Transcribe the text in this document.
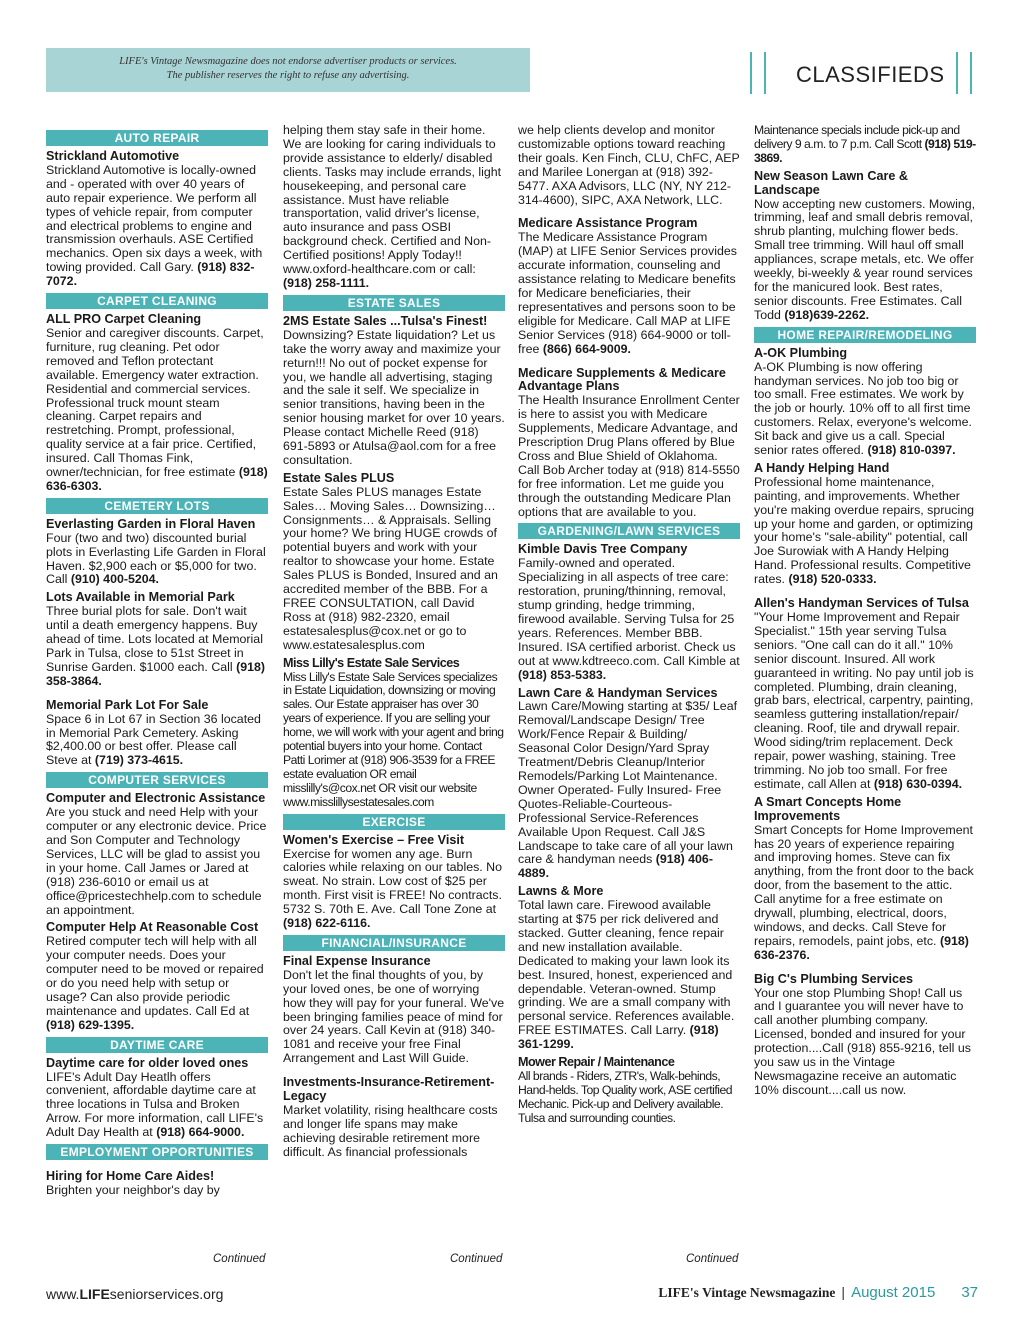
LIFE's Vintage Newsmagazine does not endorse advertiser products or services.
The publisher reserves the right to refuse any advertising.	CLASSIFIEDS
AUTO REPAIR
Strickland Automotive
Strickland Automotive is locally-owned and - operated with over 40 years of auto repair experience. We perform all types of vehicle repair, from computer and electrical problems to engine and transmission overhauls. ASE Certified mechanics. Open six days a week, with towing provided. Call Gary. (918) 832-7072.
CARPET CLEANING
ALL PRO Carpet Cleaning
Senior and caregiver discounts. Carpet, furniture, rug cleaning. Pet odor removed and Teflon protectant available. Emergency water extraction. Residential and commercial services. Professional truck mount steam cleaning. Carpet repairs and restretching. Prompt, professional, quality service at a fair price. Certified, insured. Call Thomas Fink, owner/technician, for free estimate (918) 636-6303.
CEMETERY LOTS
Everlasting Garden in Floral Haven
Four (two and two) discounted burial plots in Everlasting Life Garden in Floral Haven. $2,900 each or $5,000 for two. Call (910) 400-5204.
Lots Available in Memorial Park
Three burial plots for sale. Don't wait until a death emergency happens. Buy ahead of time. Lots located at Memorial Park in Tulsa, close to 51st Street in Sunrise Garden. $1000 each. Call (918) 358-3864.
Memorial Park Lot For Sale
Space 6 in Lot 67 in Section 36 located in Memorial Park Cemetery. Asking $2,400.00 or best offer. Please call Steve at (719) 373-4615.
COMPUTER SERVICES
Computer and Electronic Assistance
Are you stuck and need Help with your computer or any electronic device. Price and Son Computer and Technology Services, LLC will be glad to assist you in your home. Call James or Jared at (918) 236-6010 or email us at office@pricestechhelp.com to schedule an appointment.
Computer Help At Reasonable Cost
Retired computer tech will help with all your computer needs. Does your computer need to be moved or repaired or do you need help with setup or usage? Can also provide periodic maintenance and updates. Call Ed at (918) 629-1395.
DAYTIME CARE
Daytime care for older loved ones
LIFE's Adult Day Heatlh offers convenient, affordable daytime care at three locations in Tulsa and Broken Arrow. For more information, call LIFE's Adult Day Health at (918) 664-9000.
EMPLOYMENT OPPORTUNITIES
Hiring for Home Care Aides!
Brighten your neighbor's day by
helping them stay safe in their home. We are looking for caring individuals to provide assistance to elderly/ disabled clients. Tasks may include errands, light housekeeping, and personal care assistance. Must have reliable transportation, valid driver's license, auto insurance and pass OSBI background check. Certified and Non-Certified positions! Apply Today!! www.oxford-healthcare.com or call: (918) 258-1111.
ESTATE SALES
2MS Estate Sales ...Tulsa's Finest!
Downsizing? Estate liquidation? Let us take the worry away and maximize your return!!! No out of pocket expense for you, we handle all advertising, staging and the sale it self. We specialize in senior transitions, having been in the senior housing market for over 10 years. Please contact Michelle Reed (918) 691-5893 or Atulsa@aol.com for a free consultation.
Estate Sales PLUS
Estate Sales PLUS manages Estate Sales… Moving Sales… Downsizing… Consignments… & Appraisals. Selling your home? We bring HUGE crowds of potential buyers and work with your realtor to showcase your home. Estate Sales PLUS is Bonded, Insured and an accredited member of the BBB. For a FREE CONSULTATION, call David Ross at (918) 982-2320, email estatesalesplus@cox.net or go to www.estatesalesplus.com
Miss Lilly's Estate Sale Services
Miss Lilly's Estate Sale Services specializes in Estate Liquidation, downsizing or moving sales. Our Estate appraiser has over 30 years of experience. If you are selling your home, we will work with your agent and bring potential buyers into your home. Contact Patti Lorimer at (918) 906-3539 for a FREE estate evaluation OR email misslilly's@cox.net OR visit our website www.misslillysestatesales.com
EXERCISE
Women's Exercise – Free Visit
Exercise for women any age. Burn calories while relaxing on our tables. No sweat. No strain. Low cost of $25 per month. First visit is FREE! No contracts. 5732 S. 70th E. Ave. Call Tone Zone at (918) 622-6116.
FINANCIAL/INSURANCE
Final Expense Insurance
Don't let the final thoughts of you, by your loved ones, be one of worrying how they will pay for your funeral. We've been bringing families peace of mind for over 24 years. Call Kevin at (918) 340-1081 and receive your free Final Arrangement and Last Will Guide.
Investments-Insurance-Retirement-Legacy
Market volatility, rising healthcare costs and longer life spans may make achieving desirable retirement more difficult. As financial professionals
we help clients develop and monitor customizable options toward reaching their goals. Ken Finch, CLU, ChFC, AEP and Marilee Lonergan at (918) 392-5477. AXA Advisors, LLC (NY, NY 212-314-4600), SIPC, AXA Network, LLC.
Medicare Assistance Program
The Medicare Assistance Program (MAP) at LIFE Senior Services provides accurate information, counseling and assistance relating to Medicare benefits for Medicare beneficiaries, their representatives and persons soon to be eligible for Medicare. Call MAP at LIFE Senior Services (918) 664-9000 or toll-free (866) 664-9009.
Medicare Supplements & Medicare Advantage Plans
The Health Insurance Enrollment Center is here to assist you with Medicare Supplements, Medicare Advantage, and Prescription Drug Plans offered by Blue Cross and Blue Shield of Oklahoma. Call Bob Archer today at (918) 814-5550 for free information. Let me guide you through the outstanding Medicare Plan options that are available to you.
GARDENING/LAWN SERVICES
Kimble Davis Tree Company
Family-owned and operated. Specializing in all aspects of tree care: restoration, pruning/thinning, removal, stump grinding, hedge trimming, firewood available. Serving Tulsa for 25 years. References. Member BBB. Insured. ISA certified arborist. Check us out at www.kdtreeco.com. Call Kimble at (918) 853-5383.
Lawn Care & Handyman Services
Lawn Care/Mowing starting at $35/ Leaf Removal/Landscape Design/ Tree Work/Fence Repair & Building/ Seasonal Color Design/Yard Spray Treatment/Debris Cleanup/Interior Remodels/Parking Lot Maintenance. Owner Operated- Fully Insured- Free Quotes-Reliable-Courteous-Professional Service-References Available Upon Request. Call J&S Landscape to take care of all your lawn care & handyman needs (918) 406-4889.
Lawns & More
Total lawn care. Firewood available starting at $75 per rick delivered and stacked. Gutter cleaning, fence repair and new installation available. Dedicated to making your lawn look its best. Insured, honest, experienced and dependable. Veteran-owned. Stump grinding. We are a small company with personal service. References available. FREE ESTIMATES. Call Larry. (918) 361-1299.
Mower Repair / Maintenance
All brands - Riders, ZTR's, Walk-behinds, Hand-helds. Top Quality work, ASE certified Mechanic. Pick-up and Delivery available. Tulsa and surrounding counties.
Maintenance specials include pick-up and delivery 9 a.m. to 7 p.m. Call Scott (918) 519-3869.
New Season Lawn Care & Landscape
Now accepting new customers. Mowing, trimming, leaf and small debris removal, shrub planting, mulching flower beds. Small tree trimming. Will haul off small appliances, scrape metals, etc. We offer weekly, bi-weekly & year round services for the manicured look. Best rates, senior discounts. Free Estimates. Call Todd (918)639-2262.
HOME REPAIR/REMODELING
A-OK Plumbing
A-OK Plumbing is now offering handyman services. No job too big or too small. Free estimates. We work by the job or hourly. 10% off to all first time customers. Relax, everyone's welcome. Sit back and give us a call. Special senior rates offered. (918) 810-0397.
A Handy Helping Hand
Professional home maintenance, painting, and improvements. Whether you're making overdue repairs, sprucing up your home and garden, or optimizing your home's "sale-ability" potential, call Joe Surowiak with A Handy Helping Hand. Professional results. Competitive rates. (918) 520-0333.
Allen's Handyman Services of Tulsa
"Your Home Improvement and Repair Specialist." 15th year serving Tulsa seniors. "One call can do it all." 10% senior discount. Insured. All work guaranteed in writing. No pay until job is completed. Plumbing, drain cleaning, grab bars, electrical, carpentry, painting, seamless guttering installation/repair/ cleaning. Roof, tile and drywall repair. Wood siding/trim replacement. Deck repair, power washing, staining. Tree trimming. No job too small. For free estimate, call Allen at (918) 630-0394.
A Smart Concepts Home Improvements
Smart Concepts for Home Improvement has 20 years of experience repairing and improving homes. Steve can fix anything, from the front door to the back door, from the basement to the attic. Call anytime for a free estimate on drywall, plumbing, electrical, doors, windows, and decks. Call Steve for repairs, remodels, paint jobs, etc. (918) 636-2376.
Big C's Plumbing Services
Your one stop Plumbing Shop! Call us and I guarantee you will never have to call another plumbing company. Licensed, bonded and insured for your protection....Call (918) 855-9216, tell us you saw us in the Vintage Newsmagazine receive an automatic 10% discount....call us now.
Continued	Continued	Continued
www.LIFEseniorservices.org	LIFE's Vintage Newsmagazine | August 2015 37
